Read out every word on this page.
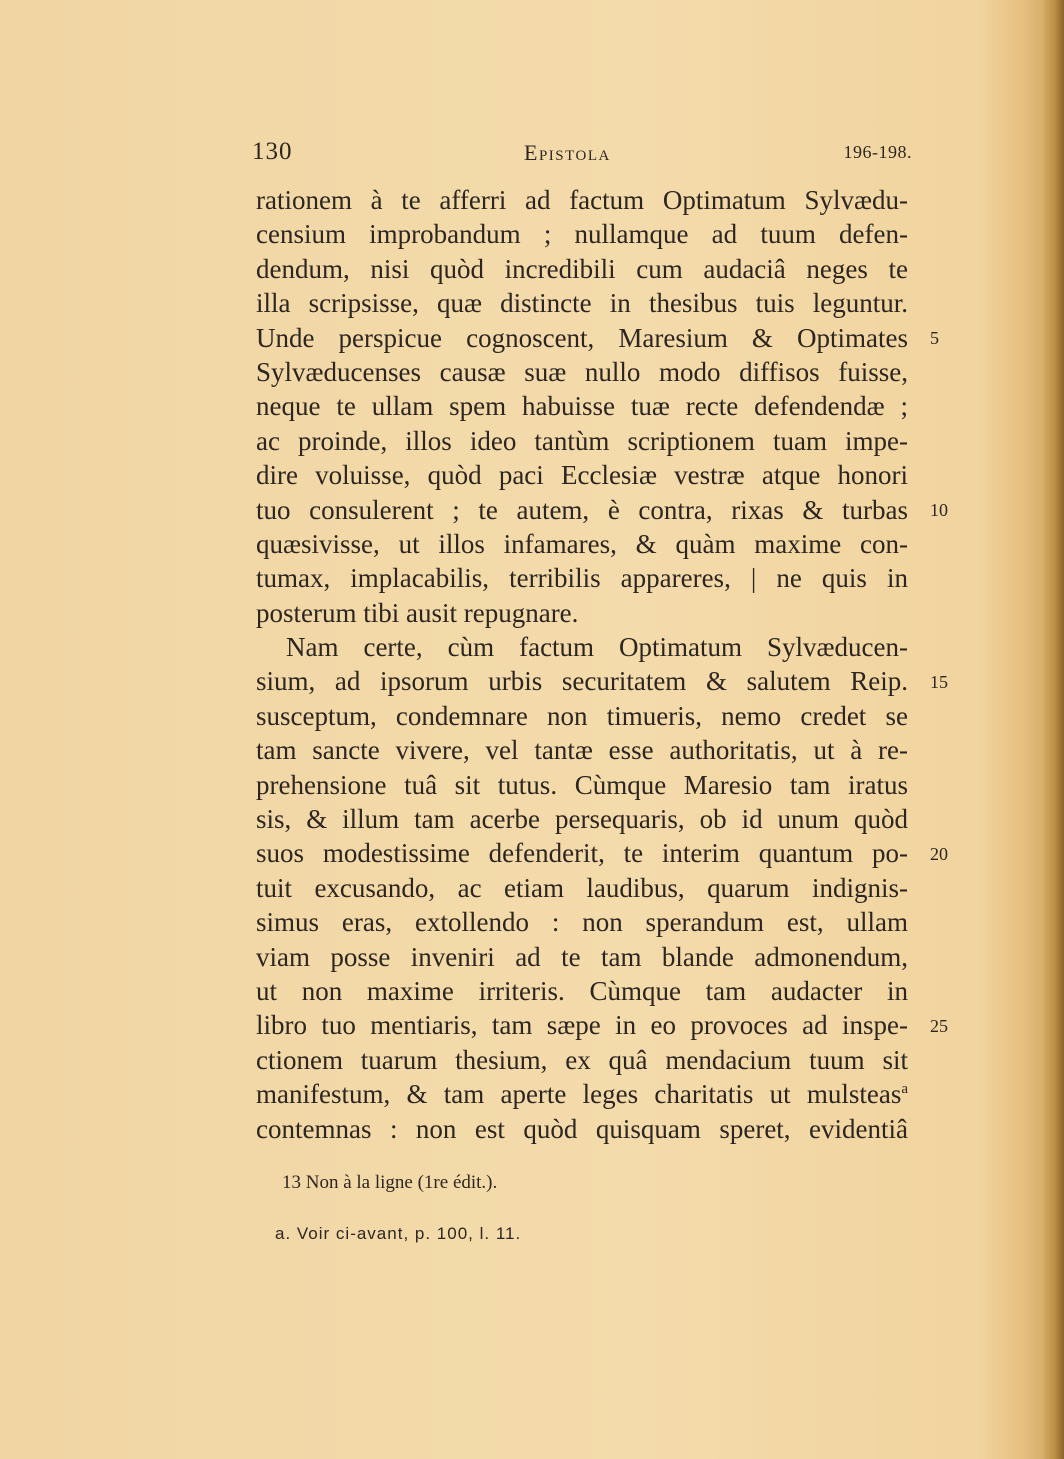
130	Epistola	196-198.
rationem à te afferri ad factum Optimatum Sylvædu-
censium improbandum ; nullamque ad tuum defen-
dendum, nisi quòd incredibili cum audaciâ neges te
illa scripsisse, quæ distincte in thesibus tuis leguntur.
Unde perspicue cognoscent, Maresium & Optimates
Sylvæducenses causæ suæ nullo modo diffisos fuisse,
neque te ullam spem habuisse tuæ recte defendendæ ;
ac proinde, illos ideo tantùm scriptionem tuam impe-
dire voluisse, quòd paci Ecclesiæ vestræ atque honori
tuo consulerent ; te autem, è contra, rixas & turbas
quæsivisse, ut illos infamares, & quàm maxime con-
tumax, implacabilis, terribilis appareres, | ne quis in
posterum tibi ausit repugnare.
Nam certe, cùm factum Optimatum Sylvæducen-
sium, ad ipsorum urbis securitatem & salutem Reip.
susceptum, condemnare non timueris, nemo credet se
tam sancte vivere, vel tantæ esse authoritatis, ut à re-
prehensione tuâ sit tutus. Cùmque Maresio tam iratus
sis, & illum tam acerbe persequaris, ob id unum quòd
suos modestissime defenderit, te interim quantum po-
tuit excusando, ac etiam laudibus, quarum indignis-
simus eras, extollendo : non sperandum est, ullam
viam posse inveniri ad te tam blande admonendum,
ut non maxime irriteris. Cùmque tam audacter in
libro tuo mentiaris, tam sæpe in eo provoces ad inspe-
ctionem tuarum thesium, ex quâ mendacium tuum sit
manifestum, & tam aperte leges charitatis ut mulsteas$^a$
contemnas : non est quòd quisquam speret, evidentiâ
5
10
15
20
25
13 Non à la ligne (1re édit.).
a. Voir ci-avant, p. 100, l. 11.
